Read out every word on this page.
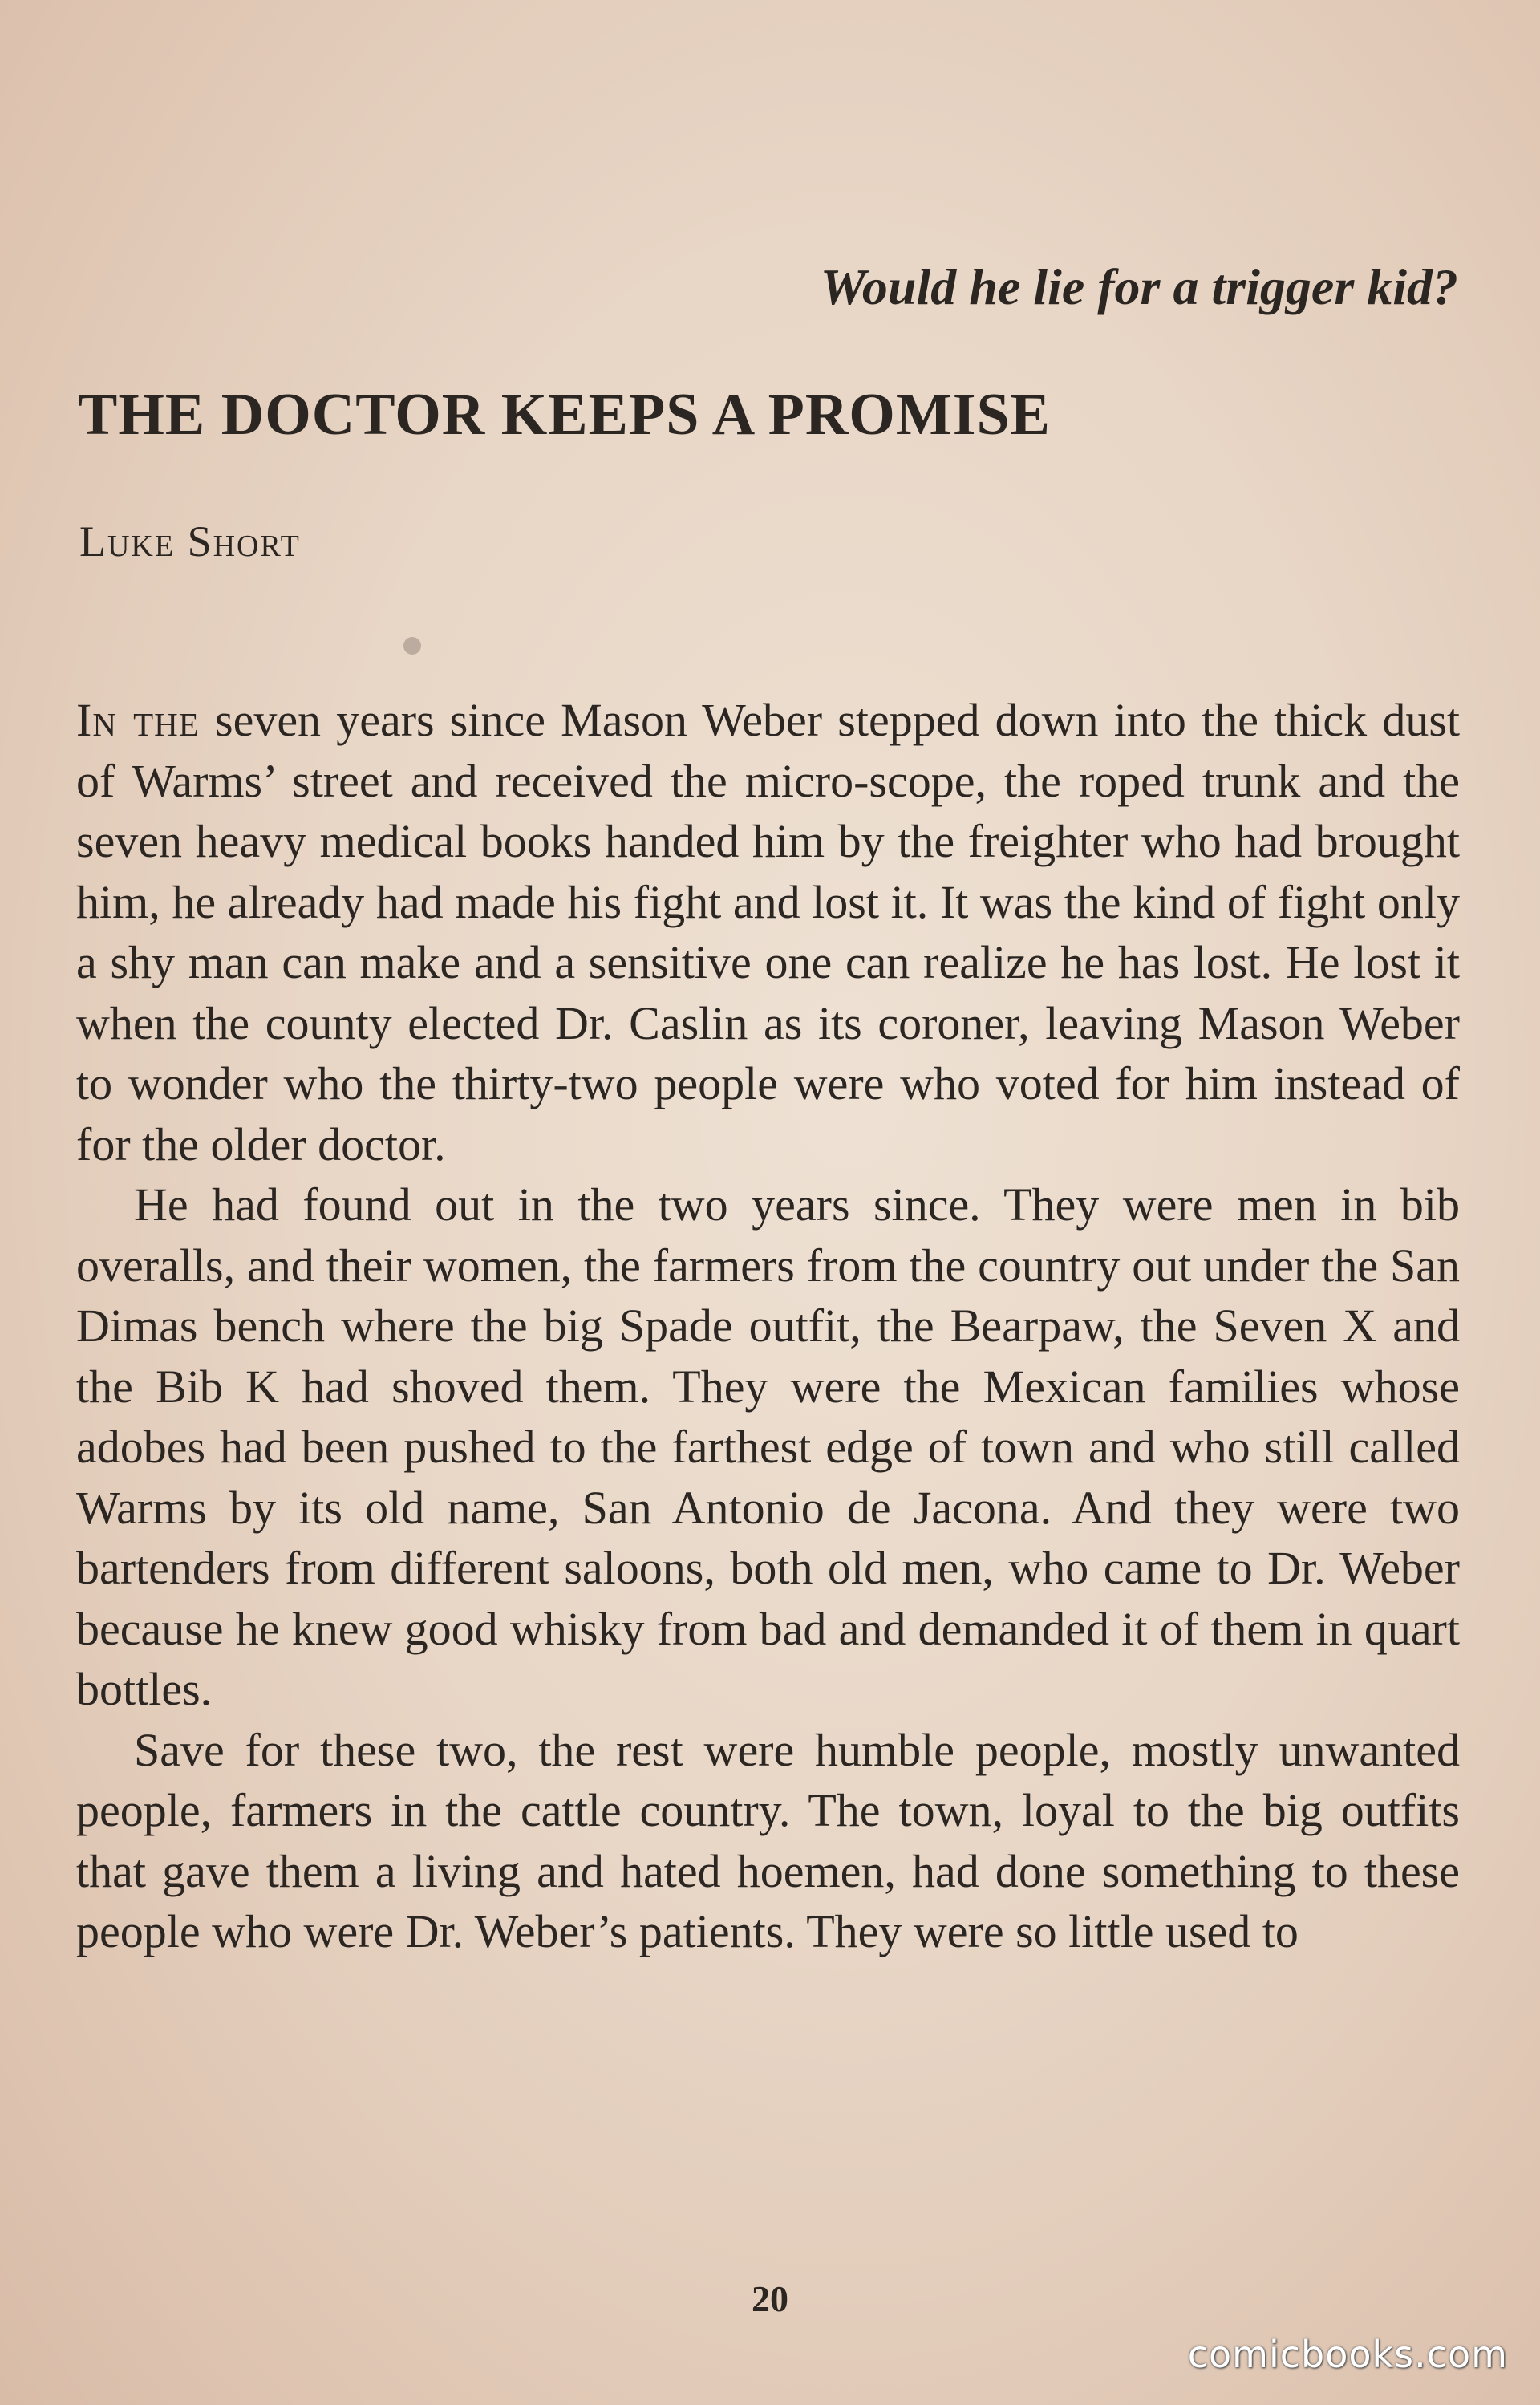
Would he lie for a trigger kid?

THE DOCTOR KEEPS A PROMISE

Luke Short

In the seven years since Mason Weber stepped down into the thick dust of Warms’ street and received the micro-scope, the roped trunk and the seven heavy medical books handed him by the freighter who had brought him, he already had made his fight and lost it. It was the kind of fight only a shy man can make and a sensitive one can realize he has lost. He lost it when the county elected Dr. Caslin as its coroner, leaving Mason Weber to wonder who the thirty-two people were who voted for him instead of for the older doctor.

He had found out in the two years since. They were men in bib overalls, and their women, the farmers from the country out under the San Dimas bench where the big Spade outfit, the Bearpaw, the Seven X and the Bib K had shoved them. They were the Mexican families whose adobes had been pushed to the farthest edge of town and who still called Warms by its old name, San Antonio de Jacona. And they were two bartenders from different saloons, both old men, who came to Dr. Weber because he knew good whisky from bad and demanded it of them in quart bottles.

Save for these two, the rest were humble people, mostly unwanted people, farmers in the cattle country. The town, loyal to the big outfits that gave them a living and hated hoemen, had done something to these people who were Dr. Weber’s patients. They were so little used to

20

comicbooks.com
